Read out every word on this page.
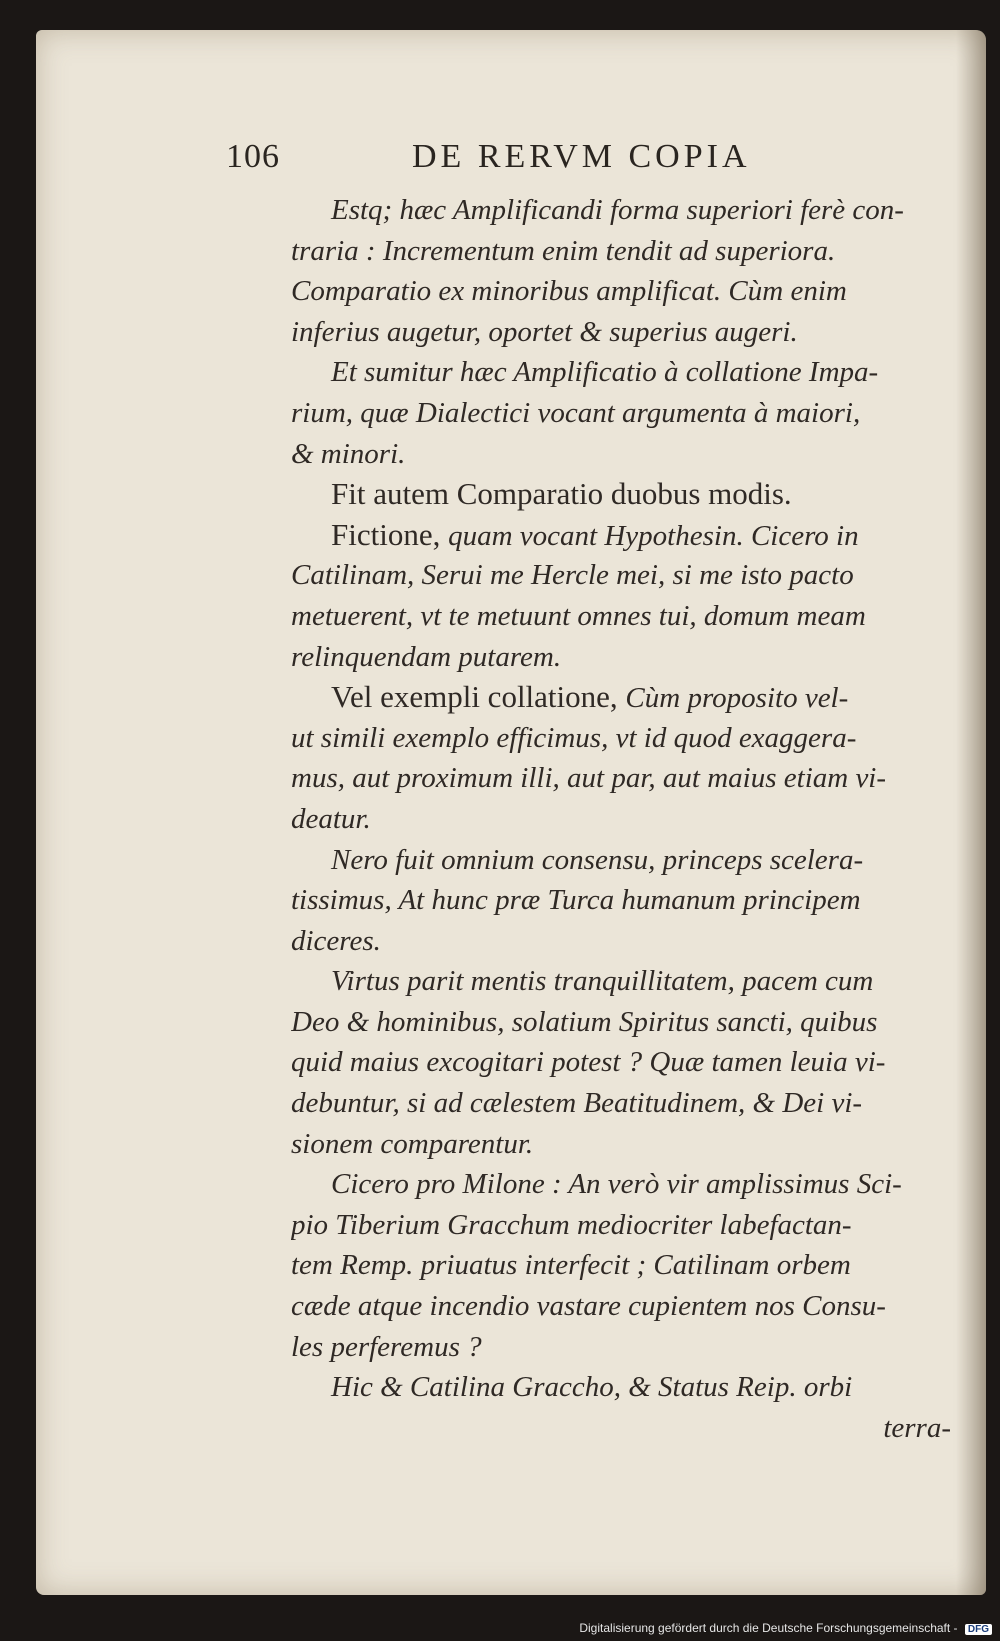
106	DE RERVM COPIA
Estq; hæc Amplificandi forma superiori ferè con-
traria : Incrementum enim tendit ad superiora.
Comparatio ex minoribus amplificat. Cùm enim
inferius augetur, oportet & superius augeri.
Et sumitur hæc Amplificatio à collatione Impa-
rium, quæ Dialectici vocant argumenta à maiori,
& minori.
Fit autem Comparatio duobus modis.
Fictione, quam vocant Hypothesin. Cicero in
Catilinam, Serui me Hercle mei, si me isto pacto
metuerent, vt te metuunt omnes tui, domum meam
relinquendam putarem.
Vel exempli collatione, Cùm proposito vel-
ut simili exemplo efficimus, vt id quod exaggera-
mus, aut proximum illi, aut par, aut maius etiam vi-
deatur.
Nero fuit omnium consensu, princeps scelera-
tissimus, At hunc præ Turca humanum principem
diceres.
Virtus parit mentis tranquillitatem, pacem cum
Deo & hominibus, solatium Spiritus sancti, quibus
quid maius excogitari potest ? Quæ tamen leuia vi-
debuntur, si ad cælestem Beatitudinem, & Dei vi-
sionem comparentur.
Cicero pro Milone : An verò vir amplissimus Sci-
pio Tiberium Gracchum mediocriter labefactan-
tem Remp. priuatus interfecit ; Catilinam orbem
cæde atque incendio vastare cupientem nos Consu-
les perferemus ?
Hic & Catilina Graccho, & Status Reip. orbi
terra-
Digitalisierung gefördert durch die Deutsche Forschungsgemeinschaft - DFG
